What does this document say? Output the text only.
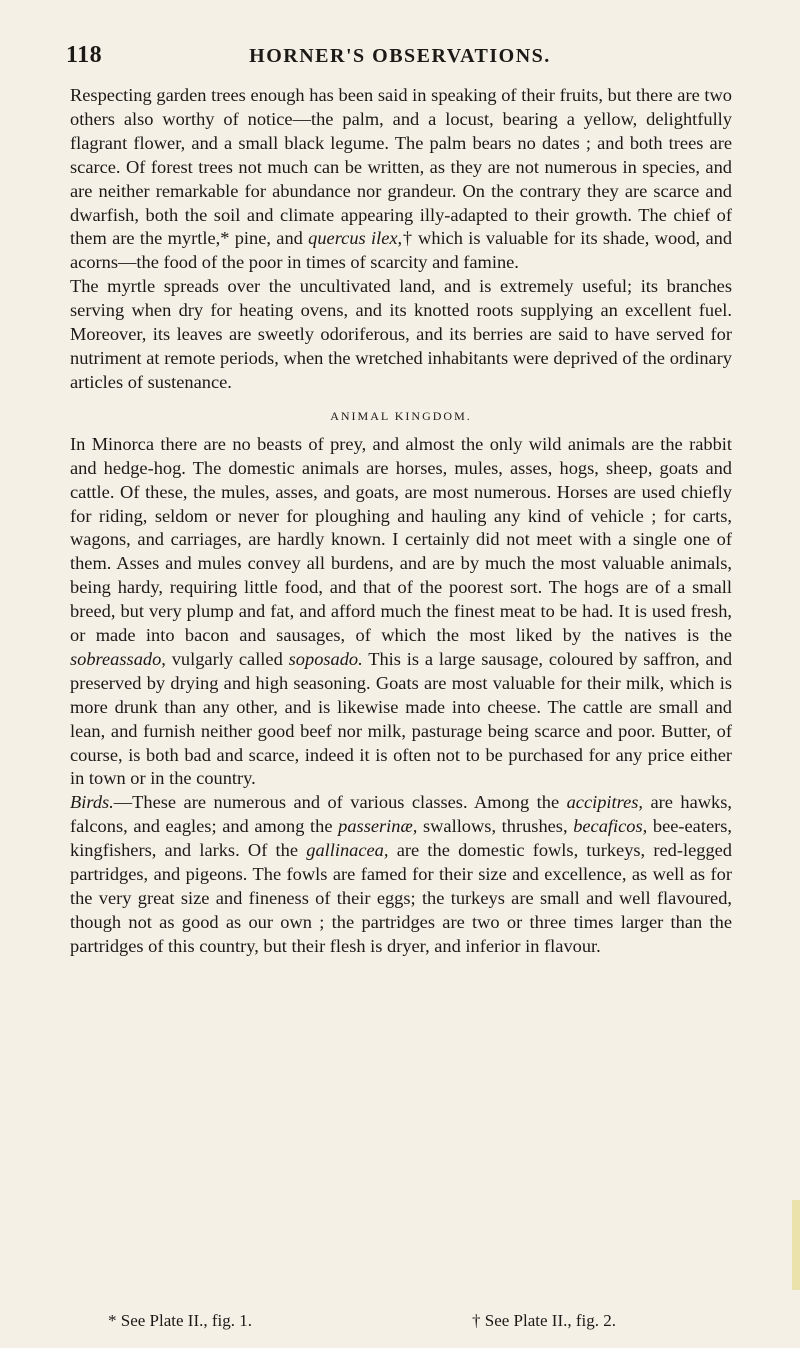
118	HORNER'S OBSERVATIONS.

Respecting garden trees enough has been said in speaking of their fruits, but there are two others also worthy of notice—the palm, and a locust, bearing a yellow, delightfully flagrant flower, and a small black legume. The palm bears no dates ; and both trees are scarce. Of forest trees not much can be written, as they are not numerous in species, and are neither remarkable for abundance nor grandeur. On the contrary they are scarce and dwarfish, both the soil and climate appearing illy-adapted to their growth. The chief of them are the myrtle,* pine, and quercus ilex,† which is valuable for its shade, wood, and acorns—the food of the poor in times of scarcity and famine.

The myrtle spreads over the uncultivated land, and is extremely useful; its branches serving when dry for heating ovens, and its knotted roots supplying an excellent fuel. Moreover, its leaves are sweetly odoriferous, and its berries are said to have served for nutriment at remote periods, when the wretched inhabitants were deprived of the ordinary articles of sustenance.

ANIMAL KINGDOM.

In Minorca there are no beasts of prey, and almost the only wild animals are the rabbit and hedge-hog. The domestic animals are horses, mules, asses, hogs, sheep, goats and cattle. Of these, the mules, asses, and goats, are most numerous. Horses are used chiefly for riding, seldom or never for ploughing and hauling any kind of vehicle ; for carts, wagons, and carriages, are hardly known. I certainly did not meet with a single one of them. Asses and mules convey all burdens, and are by much the most valuable animals, being hardy, requiring little food, and that of the poorest sort. The hogs are of a small breed, but very plump and fat, and afford much the finest meat to be had. It is used fresh, or made into bacon and sausages, of which the most liked by the natives is the sobreassado, vulgarly called soposado. This is a large sausage, coloured by saffron, and preserved by drying and high seasoning. Goats are most valuable for their milk, which is more drunk than any other, and is likewise made into cheese. The cattle are small and lean, and furnish neither good beef nor milk, pasturage being scarce and poor. Butter, of course, is both bad and scarce, indeed it is often not to be purchased for any price either in town or in the country.

Birds.—These are numerous and of various classes. Among the accipitres, are hawks, falcons, and eagles; and among the passerinæ, swallows, thrushes, becaficos, bee-eaters, kingfishers, and larks. Of the gallinacea, are the domestic fowls, turkeys, red-legged partridges, and pigeons. The fowls are famed for their size and excellence, as well as for the very great size and fineness of their eggs; the turkeys are small and well flavoured, though not as good as our own ; the partridges are two or three times larger than the partridges of this country, but their flesh is dryer, and inferior in flavour.

* See Plate II., fig. 1.	† See Plate II., fig. 2.
